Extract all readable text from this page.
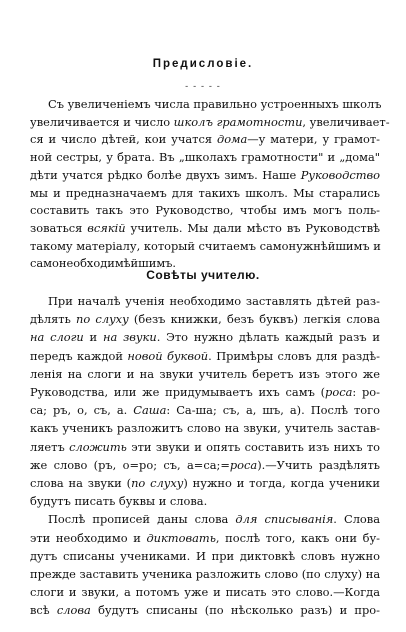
Предисловіе.
- - - - -
Съ увеличеніемъ числа правильно устроенныхъ школъ
увеличивается и число школъ грамотности, увеличивает-
ся и число дѣтей, кои учатся дома—у матери, у грамот-
ной сестры, у брата. Въ „школахъ грамотности" и „дома"
дѣти учатся рѣдко болѣе двухъ зимъ. Наше Руководство
мы и предназначаемъ для такихъ школъ. Мы старались
составить такъ это Руководство, чтобы имъ могъ поль-
зоваться всякій учитель. Мы дали мѣсто въ Руководствѣ
такому матеріалу, который считаемъ самонужнѣйшимъ и
самонеобходимѣйшимъ.
Совѣты учителю.
При началѣ ученія необходимо заставлять дѣтей раз-
дѣлять по слуху (безъ книжки, безъ буквъ) легкія слова
на слоги и на звуки. Это нужно дѣлать каждый разъ и
передъ каждой новой буквой. Примѣры словъ для раздѣ-
ленія на слоги и на звуки учитель беретъ изъ этого же
Руководства, или же придумываетъ ихъ самъ (роса: ро-
са; ръ, о, съ, а. Саша: Са-ша; съ, а, шъ, а). Послѣ того
какъ ученикъ разложитъ слово на звуки, учитель застав-
ляетъ сложить эти звуки и опять составить изъ нихъ то
же слово (ръ, о=ро; съ, а=са;=роса).—Учить раздѣлять
слова на звуки (по слуху) нужно и тогда, когда ученики
будутъ писать буквы и слова.
Послѣ прописей даны слова для списыванія. Слова
эти необходимо и диктовать, послѣ того, какъ они бу-
дутъ списаны учениками. И при диктовкѣ словъ нужно
прежде заставить ученика разложить слово (по слуху) на
слоги и звуки, а потомъ уже и писать это слово.—Когда
всѣ слова будутъ списаны (по нѣсколько разъ) и про-
